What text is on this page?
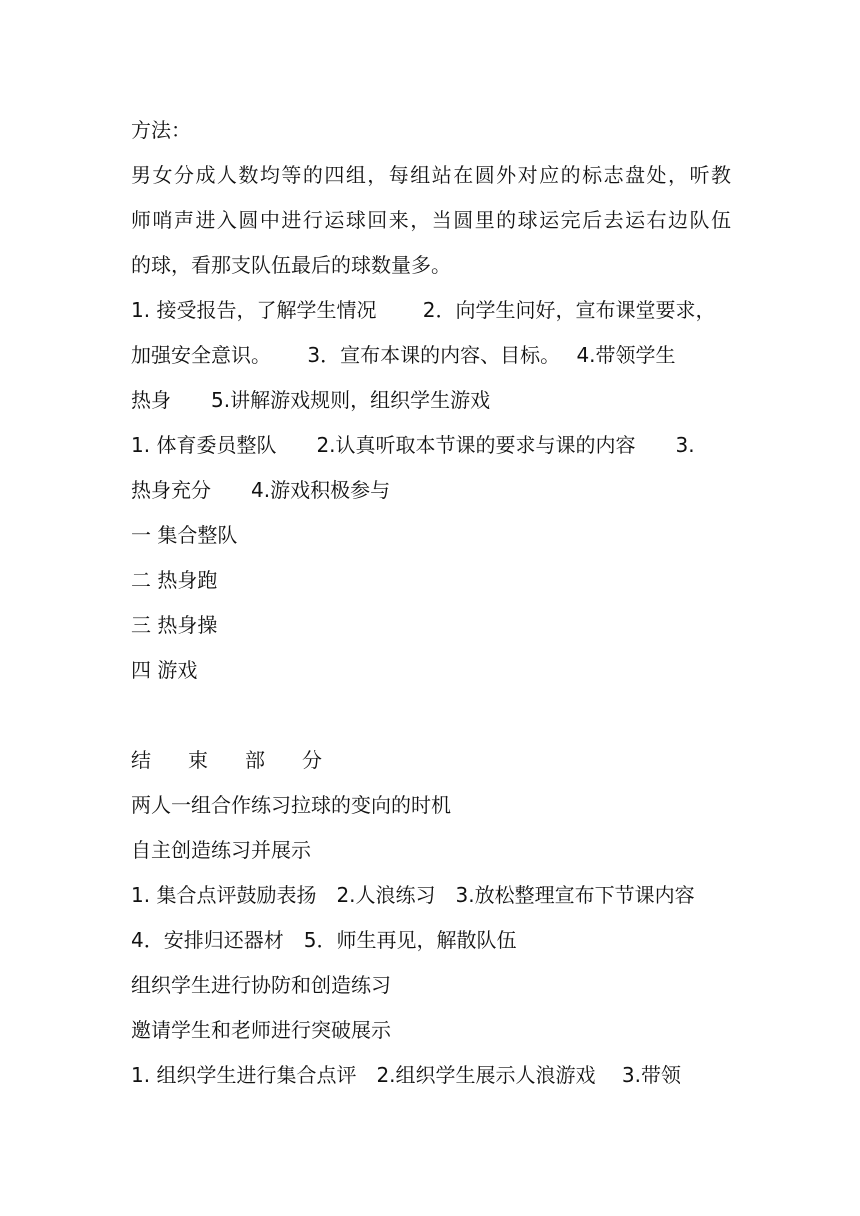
方法：
男女分成人数均等的四组，每组站在圆外对应的标志盘处，听教
师哨声进入圆中进行运球回来，当圆里的球运完后去运右边队伍
的球，看那支队伍最后的球数量多。
1. 接受报告，了解学生情况　　 2．向学生问好，宣布课堂要求，
加强安全意识。　　 3．宣布本课的内容、目标。　 4.带领学生
热身　　5.讲解游戏规则，组织学生游戏
1. 体育委员整队　　2.认真听取本节课的要求与课的内容　　3.
热身充分　　4.游戏积极参与
一 集合整队
二 热身跑
三 热身操
四 游戏
结 束 部 分
两人一组合作练习拉球的变向的时机
自主创造练习并展示
1. 集合点评鼓励表扬　2.人浪练习　3.放松整理宣布下节课内容
4．安排归还器材　5．师生再见，解散队伍
组织学生进行协防和创造练习
邀请学生和老师进行突破展示
1. 组织学生进行集合点评　2.组织学生展示人浪游戏　 3.带领
